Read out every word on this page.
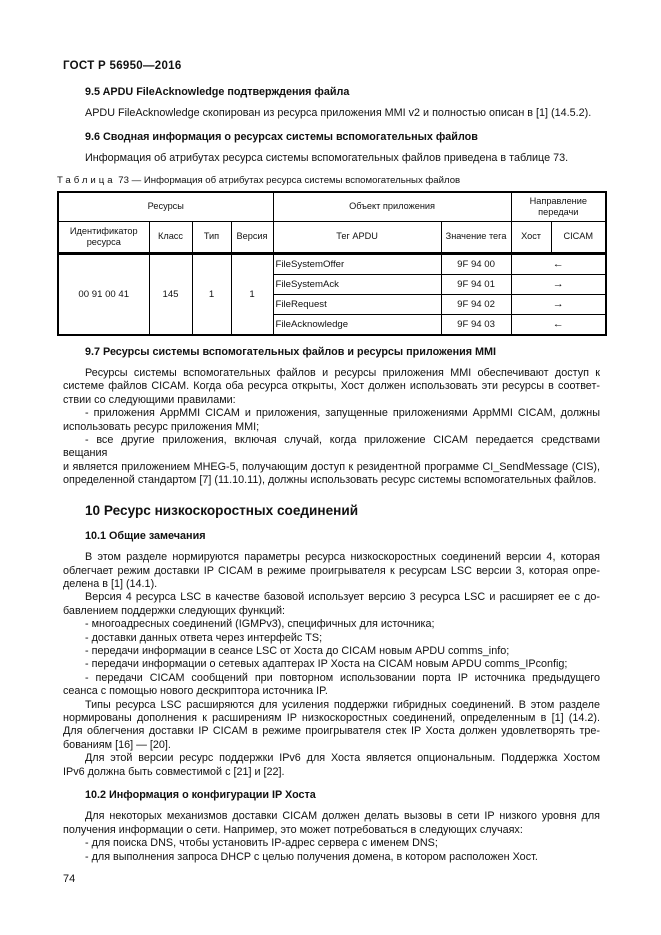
ГОСТ Р 56950—2016
9.5 APDU FileAcknowledge подтверждения файла
APDU FileAcknowledge скопирован из ресурса приложения MMI v2 и полностью описан в [1] (14.5.2).
9.6 Сводная информация о ресурсах системы вспомогательных файлов
Информация об атрибутах ресурса системы вспомогательных файлов приведена в таблице 73.
Таблица 73 — Информация об атрибутах ресурса системы вспомогательных файлов
Ресурсы				Объект приложения		Направление передачи	
Идентификатор ресурса	Класс	Тип	Версия	Тег APDU	Значение тега	Хост	CICAM
00 91 00 41	145	1	1	FileSystemOffer	9F 94 00	←	
				FileSystemAck	9F 94 01	→	
				FileRequest	9F 94 02	→	
				FileAcknowledge	9F 94 03	←	
9.7 Ресурсы системы вспомогательных файлов и ресурсы приложения MMI
Ресурсы системы вспомогательных файлов и ресурсы приложения MMI обеспечивают доступ к
системе файлов CICAM. Когда оба ресурса открыты, Хост должен использовать эти ресурсы в соответ-
ствии со следующими правилами:
- приложения AppMMI CICAM и приложения, запущенные приложениями AppMMI CICAM, должны
использовать ресурс приложения MMI;
- все другие приложения, включая случай, когда приложение CICAM передается средствами вещания
и является приложением MHEG-5, получающим доступ к резидентной программе CI_SendMessage (CIS),
определенной стандартом [7] (11.10.11), должны использовать ресурс системы вспомогательных файлов.
10 Ресурс низкоскоростных соединений
10.1 Общие замечания
В этом разделе нормируются параметры ресурса низкоскоростных соединений версии 4, которая
облегчает режим доставки IP CICAM в режиме проигрывателя к ресурсам LSC версии 3, которая опре-
делена в [1] (14.1).
Версия 4 ресурса LSC в качестве базовой использует версию 3 ресурса LSC и расширяет ее с до-
бавлением поддержки следующих функций:
- многоадресных соединений (IGMPv3), специфичных для источника;
- доставки данных ответа через интерфейс TS;
- передачи информации в сеансе LSC от Хоста до CICAM новым APDU comms_info;
- передачи информации о сетевых адаптерах IP Хоста на CICAM новым APDU comms_IPconfig;
- передачи CICAM сообщений при повторном использовании порта IP источника предыдущего
сеанса с помощью нового дескриптора источника IP.
Типы ресурса LSC расширяются для усиления поддержки гибридных соединений. В этом разделе
нормированы дополнения к расширениям IP низкоскоростных соединений, определенным в [1] (14.2).
Для облегчения доставки IP CICAM в режиме проигрывателя стек IP Хоста должен удовлетворять тре-
бованиям [16] — [20].
Для этой версии ресурс поддержки IPv6 для Хоста является опциональным. Поддержка Хостом
IPv6 должна быть совместимой с [21] и [22].
10.2 Информация о конфигурации IP Хоста
Для некоторых механизмов доставки CICAM должен делать вызовы в сети IP низкого уровня для
получения информации о сети. Например, это может потребоваться в следующих случаях:
- для поиска DNS, чтобы установить IP-адрес сервера с именем DNS;
- для выполнения запроса DHCP с целью получения домена, в котором расположен Хост.
74
